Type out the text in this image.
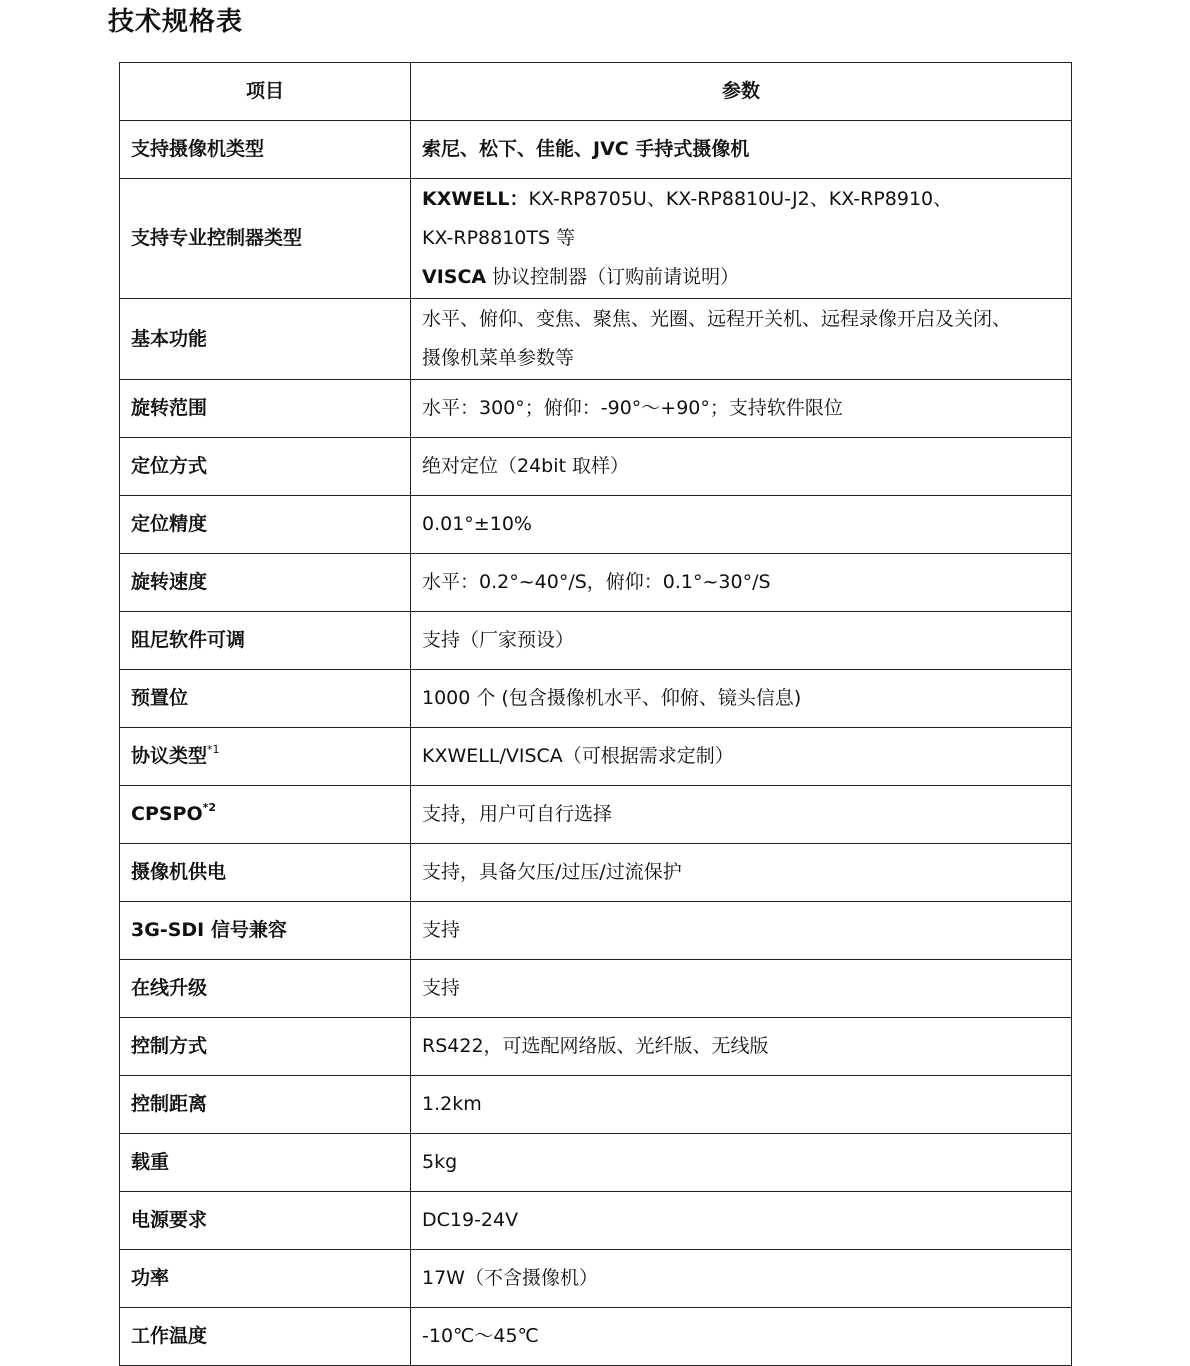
技术规格表
项目	参数
支持摄像机类型	索尼、松下、佳能、JVC 手持式摄像机
支持专业控制器类型	KXWELL：KX-RP8705U、KX-RP8810U-J2、KX-RP8910、
KX-RP8810TS 等
VISCA 协议控制器（订购前请说明）

基本功能	水平、俯仰、变焦、聚焦、光圈、远程开关机、远程录像开启及关闭、
摄像机菜单参数等

旋转范围	水平：300°；俯仰：-90°～+90°；支持软件限位
定位方式	绝对定位（24bit 取样）
定位精度	0.01°±10%
旋转速度	水平：0.2°~40°/S，俯仰：0.1°~30°/S
阻尼软件可调	支持（厂家预设）
预置位	1000 个 (包含摄像机水平、仰俯、镜头信息)
协议类型$^{*1}$	KXWELL/VISCA（可根据需求定制）
CPSPO$^{*2}$	支持，用户可自行选择
摄像机供电	支持，具备欠压/过压/过流保护
3G-SDI 信号兼容	支持
在线升级	支持
控制方式	RS422，可选配网络版、光纤版、无线版
控制距离	1.2km
载重	5kg
电源要求	DC19-24V
功率	17W（不含摄像机）
工作温度	-10℃～45℃
